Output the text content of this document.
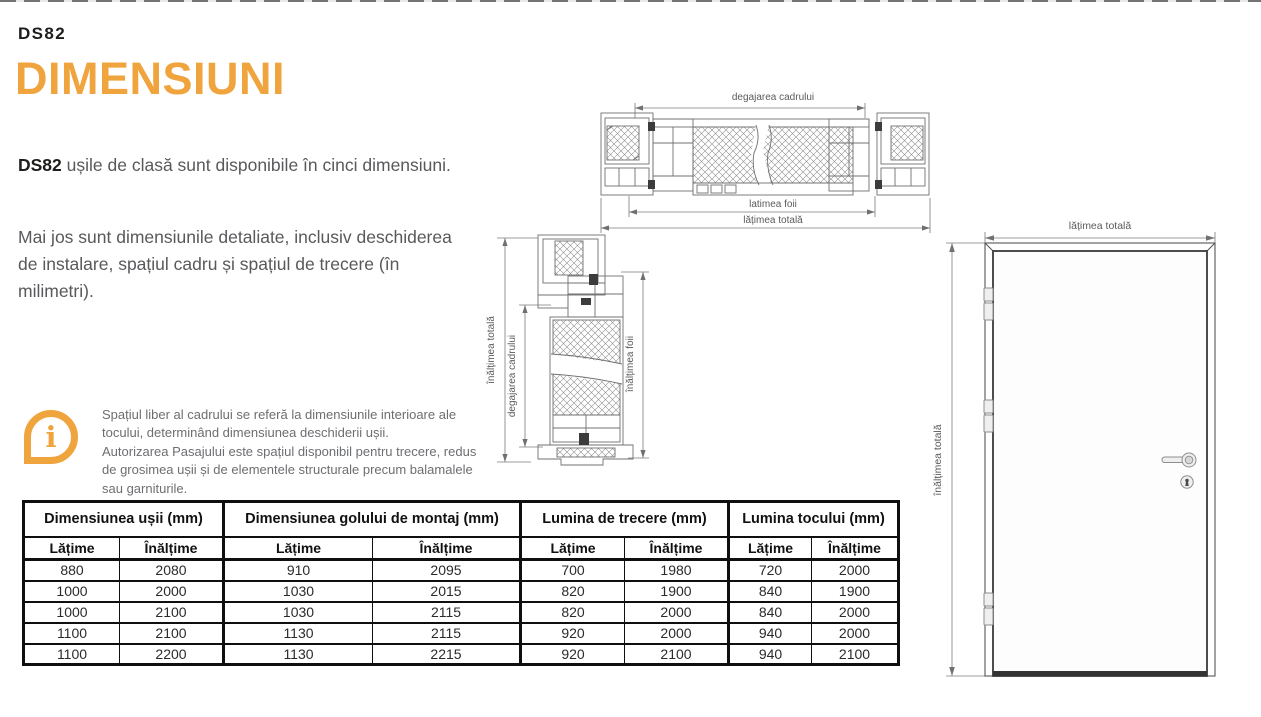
DS82
DIMENSIUNI

DS82 ușile de clasă sunt disponibile în cinci dimensiuni.

Mai jos sunt dimensiunile detaliate, inclusiv deschiderea de instalare, spațiul cadru și spațiul de trecere (în milimetri).

i

Spațiul liber al cadrului se referă la dimensiunile interioare ale tocului, determinând dimensiunea deschiderii ușii.

Autorizarea Pasajului este spațiul disponibil pentru trecere, redus de grosimea ușii și de elementele structurale precum balamalele sau garniturile.

degajarea cadrului
latimea foii
lățimea totală
înălțimea totală degajarea cadrului	înălțimea foii
lățimea totală
înălțimea totală
Dimensiunea ușii (mm)		Dimensiunea golului de montaj (mm)		Lumina de trecere (mm)		Lumina tocului (mm)	
Lățime	Înălțime	Lățime	Înălțime	Lățime	Înălțime	Lățime	Înălțime
880	2080	910	2095	700	1980	720	2000
1000	2000	1030	2015	820	1900	840	1900
1000	2100	1030	2115	820	2000	840	2000
1100	2100	1130	2115	920	2000	940	2000
1100	2200	1130	2215	920	2100	940	2100
